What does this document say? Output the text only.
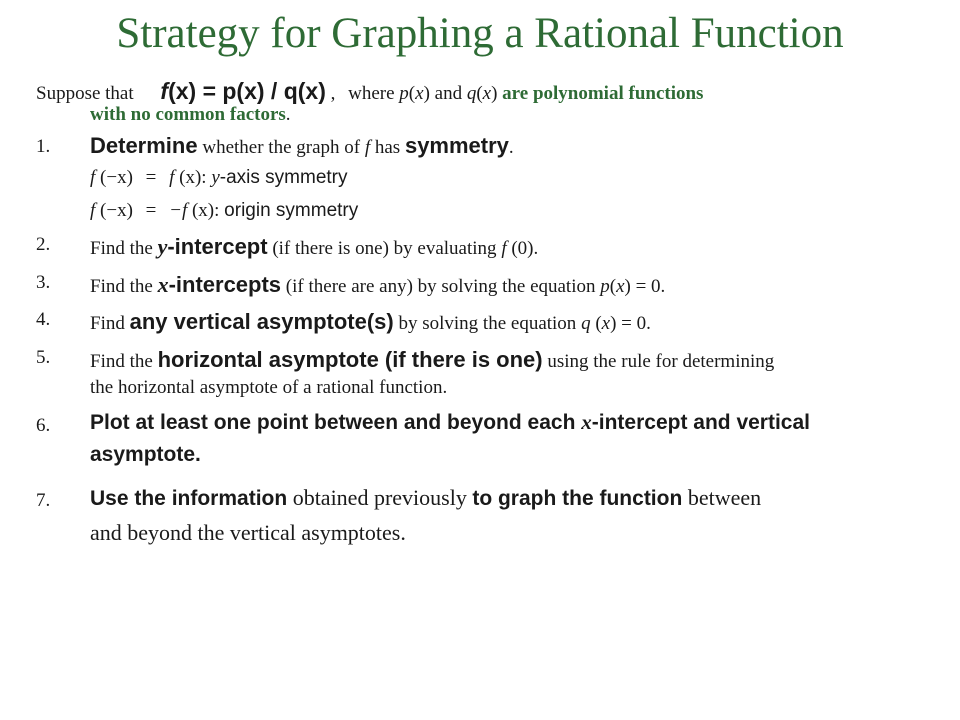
Strategy for Graphing a Rational Function
Suppose that f(x) = p(x) / q(x) , where p(x) and q(x) are polynomial functions
with no common factors.
1. Determine whether the graph of f has symmetry.
f (−x) = f (x): y-axis symmetry
f (−x) = −f (x): origin symmetry
2. Find the y-intercept (if there is one) by evaluating f (0).
3. Find the x-intercepts (if there are any) by solving the equation p(x) = 0.
4. Find any vertical asymptote(s) by solving the equation q (x) = 0.
5. Find the horizontal asymptote (if there is one) using the rule for determining
the horizontal asymptote of a rational function.
6. Plot at least one point between and beyond each x-intercept and vertical
asymptote.
7. Use the information obtained previously to graph the function between
and beyond the vertical asymptotes.
